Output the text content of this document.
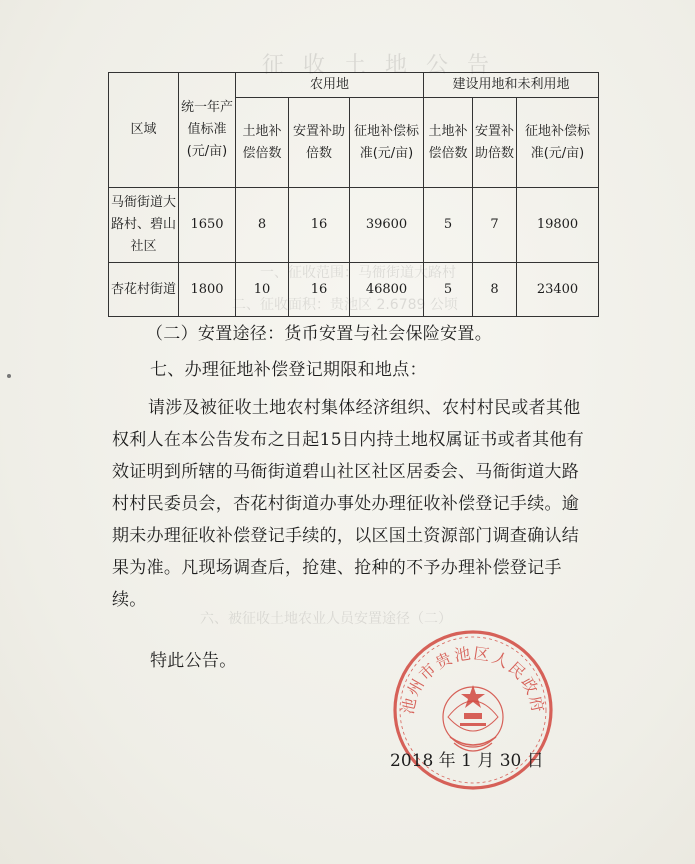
征 收 土 地 公 告
一、征收范围：马衙街道大路村
二、征收面积：贵池区 2.6789 公顷
六、被征收土地农业人员安置途径（二）
区域	统一年产值标准(元/亩)	农用地			建设用地和未利用地		
		土地补偿倍数	安置补助倍数	征地补偿标准(元/亩)	土地补偿倍数	安置补助倍数	征地补偿标准(元/亩)
马衙街道大路村、碧山社区	1650	8	16	39600	5	7	19800
杏花村街道	1800	10	16	46800	5	8	23400
（二）安置途径：货币安置与社会保险安置。
七、办理征地补偿登记期限和地点：
请涉及被征收土地农村集体经济组织、农村村民或者其他权利人在本公告发布之日起15日内持土地权属证书或者其他有效证明到所辖的马衙街道碧山社区社区居委会、马衙街道大路村村民委员会，杏花村街道办事处办理征收补偿登记手续。逾期未办理征收补偿登记手续的，以区国土资源部门调查确认结果为准。凡现场调查后，抢建、抢种的不予办理补偿登记手续。
特此公告。
池州市贵池区人民政府
2018 年 1 月 30 日
